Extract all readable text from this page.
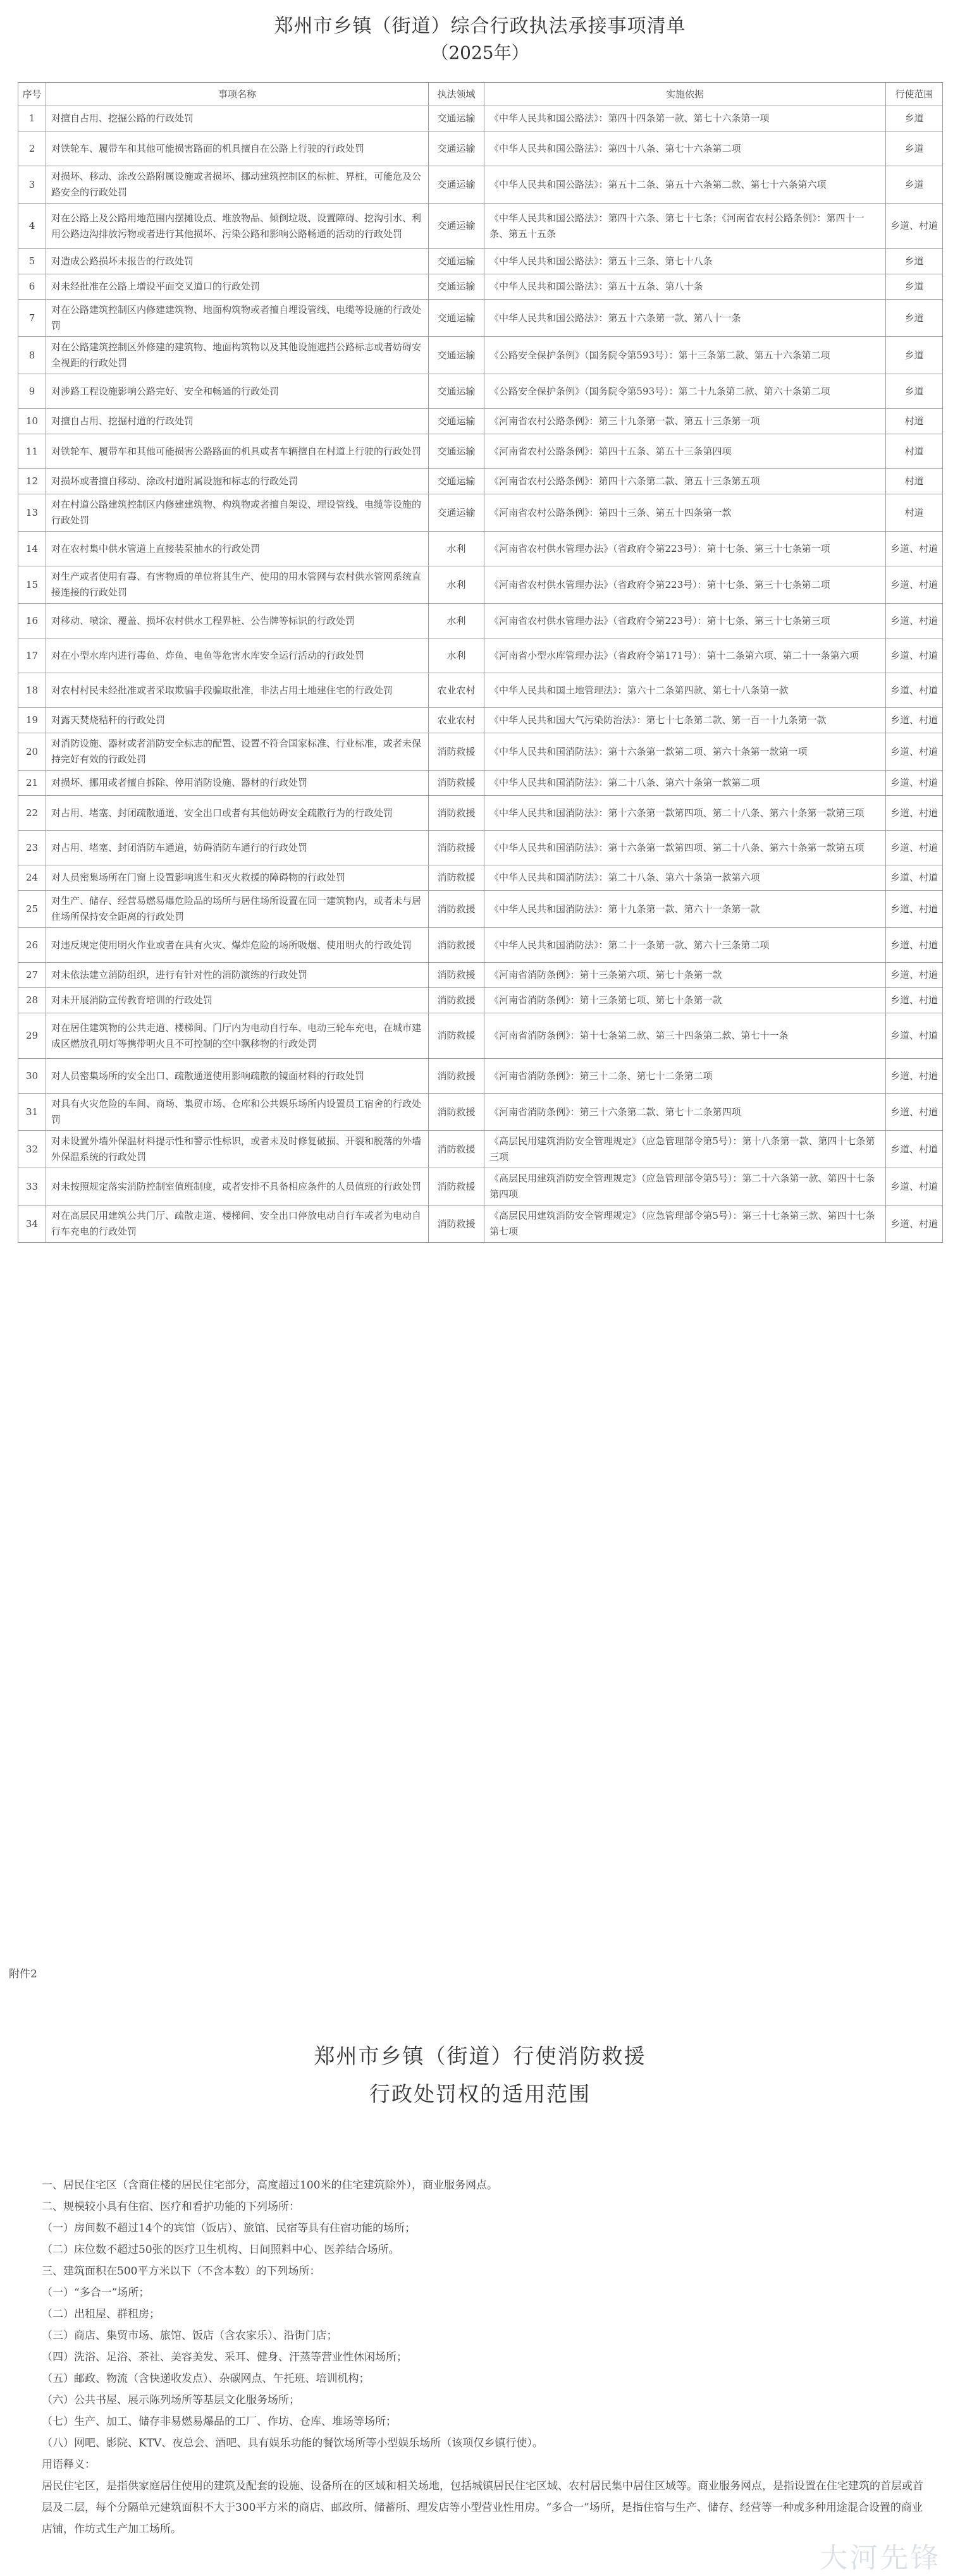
郑州市乡镇（街道）综合行政执法承接事项清单
（2025年）
序号	事项名称	执法领域	实施依据	行使范围
1	对擅自占用、挖掘公路的行政处罚	交通运输	《中华人民共和国公路法》：第四十四条第一款、第七十六条第一项	乡道
2	对铁轮车、履带车和其他可能损害路面的机具擅自在公路上行驶的行政处罚	交通运输	《中华人民共和国公路法》：第四十八条、第七十六条第二项	乡道
3	对损坏、移动、涂改公路附属设施或者损坏、挪动建筑控制区的标桩、界桩，可能危及公路安全的行政处罚	交通运输	《中华人民共和国公路法》：第五十二条、第五十六条第二款、第七十六条第六项	乡道
4	对在公路上及公路用地范围内摆摊设点、堆放物品、倾倒垃圾、设置障碍、挖沟引水、利用公路边沟排放污物或者进行其他损坏、污染公路和影响公路畅通的活动的行政处罚	交通运输	《中华人民共和国公路法》：第四十六条、第七十七条；《河南省农村公路条例》：第四十一条、第五十五条	乡道、村道
5	对造成公路损坏未报告的行政处罚	交通运输	《中华人民共和国公路法》：第五十三条、第七十八条	乡道
6	对未经批准在公路上增设平面交叉道口的行政处罚	交通运输	《中华人民共和国公路法》：第五十五条、第八十条	乡道
7	对在公路建筑控制区内修建建筑物、地面构筑物或者擅自埋设管线、电缆等设施的行政处罚	交通运输	《中华人民共和国公路法》：第五十六条第一款、第八十一条	乡道
8	对在公路建筑控制区外修建的建筑物、地面构筑物以及其他设施遮挡公路标志或者妨碍安全视距的行政处罚	交通运输	《公路安全保护条例》（国务院令第593号）：第十三条第二款、第五十六条第二项	乡道
9	对涉路工程设施影响公路完好、安全和畅通的行政处罚	交通运输	《公路安全保护条例》（国务院令第593号）：第二十九条第二款、第六十条第二项	乡道
10	对擅自占用、挖掘村道的行政处罚	交通运输	《河南省农村公路条例》：第三十九条第一款、第五十三条第一项	村道
11	对铁轮车、履带车和其他可能损害公路路面的机具或者车辆擅自在村道上行驶的行政处罚	交通运输	《河南省农村公路条例》：第四十五条、第五十三条第四项	村道
12	对损坏或者擅自移动、涂改村道附属设施和标志的行政处罚	交通运输	《河南省农村公路条例》：第四十六条第二款、第五十三条第五项	村道
13	对在村道公路建筑控制区内修建建筑物、构筑物或者擅自架设、埋设管线、电缆等设施的行政处罚	交通运输	《河南省农村公路条例》：第四十三条、第五十四条第一款	村道
14	对在农村集中供水管道上直接装泵抽水的行政处罚	水利	《河南省农村供水管理办法》（省政府令第223号）：第十七条、第三十七条第一项	乡道、村道
15	对生产或者使用有毒、有害物质的单位将其生产、使用的用水管网与农村供水管网系统直接连接的行政处罚	水利	《河南省农村供水管理办法》（省政府令第223号）：第十七条、第三十七条第二项	乡道、村道
16	对移动、喷涂、覆盖、损坏农村供水工程界桩、公告牌等标识的行政处罚	水利	《河南省农村供水管理办法》（省政府令第223号）：第十七条、第三十七条第三项	乡道、村道
17	对在小型水库内进行毒鱼、炸鱼、电鱼等危害水库安全运行活动的行政处罚	水利	《河南省小型水库管理办法》（省政府令第171号）：第十二条第六项、第二十一条第六项	乡道、村道
18	对农村村民未经批准或者采取欺骗手段骗取批准，非法占用土地建住宅的行政处罚	农业农村	《中华人民共和国土地管理法》：第六十二条第四款、第七十八条第一款	乡道、村道
19	对露天焚烧秸秆的行政处罚	农业农村	《中华人民共和国大气污染防治法》：第七十七条第二款、第一百一十九条第一款	乡道、村道
20	对消防设施、器材或者消防安全标志的配置、设置不符合国家标准、行业标准，或者未保持完好有效的行政处罚	消防救援	《中华人民共和国消防法》：第十六条第一款第二项、第六十条第一款第一项	乡道、村道
21	对损坏、挪用或者擅自拆除、停用消防设施、器材的行政处罚	消防救援	《中华人民共和国消防法》：第二十八条、第六十条第一款第二项	乡道、村道
22	对占用、堵塞、封闭疏散通道、安全出口或者有其他妨碍安全疏散行为的行政处罚	消防救援	《中华人民共和国消防法》：第十六条第一款第四项、第二十八条、第六十条第一款第三项	乡道、村道
23	对占用、堵塞、封闭消防车通道，妨碍消防车通行的行政处罚	消防救援	《中华人民共和国消防法》：第十六条第一款第四项、第二十八条、第六十条第一款第五项	乡道、村道
24	对人员密集场所在门窗上设置影响逃生和灭火救援的障碍物的行政处罚	消防救援	《中华人民共和国消防法》：第二十八条、第六十条第一款第六项	乡道、村道
25	对生产、储存、经营易燃易爆危险品的场所与居住场所设置在同一建筑物内，或者未与居住场所保持安全距离的行政处罚	消防救援	《中华人民共和国消防法》：第十九条第一款、第六十一条第一款	乡道、村道
26	对违反规定使用明火作业或者在具有火灾、爆炸危险的场所吸烟、使用明火的行政处罚	消防救援	《中华人民共和国消防法》：第二十一条第一款、第六十三条第二项	乡道、村道
27	对未依法建立消防组织，进行有针对性的消防演练的行政处罚	消防救援	《河南省消防条例》：第十三条第六项、第七十条第一款	乡道、村道
28	对未开展消防宣传教育培训的行政处罚	消防救援	《河南省消防条例》：第十三条第七项、第七十条第一款	乡道、村道
29	对在居住建筑物的公共走道、楼梯间、门厅内为电动自行车、电动三轮车充电，在城市建成区燃放孔明灯等携带明火且不可控制的空中飘移物的行政处罚	消防救援	《河南省消防条例》：第十七条第二款、第三十四条第二款、第七十一条	乡道、村道
30	对人员密集场所的安全出口、疏散通道使用影响疏散的镜面材料的行政处罚	消防救援	《河南省消防条例》：第三十二条、第七十二条第二项	乡道、村道
31	对具有火灾危险的车间、商场、集贸市场、仓库和公共娱乐场所内设置员工宿舍的行政处罚	消防救援	《河南省消防条例》：第三十六条第二款、第七十二条第四项	乡道、村道
32	对未设置外墙外保温材料提示性和警示性标识，或者未及时修复破损、开裂和脱落的外墙外保温系统的行政处罚	消防救援	《高层民用建筑消防安全管理规定》（应急管理部令第5号）：第十八条第一款、第四十七条第三项	乡道、村道
33	对未按照规定落实消防控制室值班制度，或者安排不具备相应条件的人员值班的行政处罚	消防救援	《高层民用建筑消防安全管理规定》（应急管理部令第5号）：第二十六条第一款、第四十七条第四项	乡道、村道
34	对在高层民用建筑公共门厅、疏散走道、楼梯间、安全出口停放电动自行车或者为电动自行车充电的行政处罚	消防救援	《高层民用建筑消防安全管理规定》（应急管理部令第5号）：第三十七条第三款、第四十七条第七项	乡道、村道
附件2
郑州市乡镇（街道）行使消防救援
行政处罚权的适用范围
一、居民住宅区（含商住楼的居民住宅部分，高度超过100米的住宅建筑除外），商业服务网点。
二、规模较小具有住宿、医疗和看护功能的下列场所：
（一）房间数不超过14个的宾馆（饭店）、旅馆、民宿等具有住宿功能的场所；
（二）床位数不超过50张的医疗卫生机构、日间照料中心、医养结合场所。
三、建筑面积在500平方米以下（不含本数）的下列场所：
（一）“多合一”场所；
（二）出租屋、群租房；
（三）商店、集贸市场、旅馆、饭店（含农家乐）、沿街门店；
（四）洗浴、足浴、茶社、美容美发、采耳、健身、汗蒸等营业性休闲场所；
（五）邮政、物流（含快递收发点）、杂碳网点、午托班、培训机构；
（六）公共书屋、展示陈列场所等基层文化服务场所；
（七）生产、加工、储存非易燃易爆品的工厂、作坊、仓库、堆场等场所；
（八）网吧、影院、KTV、夜总会、酒吧、具有娱乐功能的餐饮场所等小型娱乐场所（该项仅乡镇行使）。
用语释义：

居民住宅区，是指供家庭居住使用的建筑及配套的设施、设备所在的区域和相关场地，包括城镇居民住宅区域、农村居民集中居住区域等。商业服务网点，是指设置在住宅建筑的首层或首层及二层，每个分隔单元建筑面积不大于300平方米的商店、邮政所、储蓄所、理发店等小型营业性用房。“多合一”场所，是指住宿与生产、储存、经营等一种或多种用途混合设置的商业店铺，作坊式生产加工场所。

大河先锋
